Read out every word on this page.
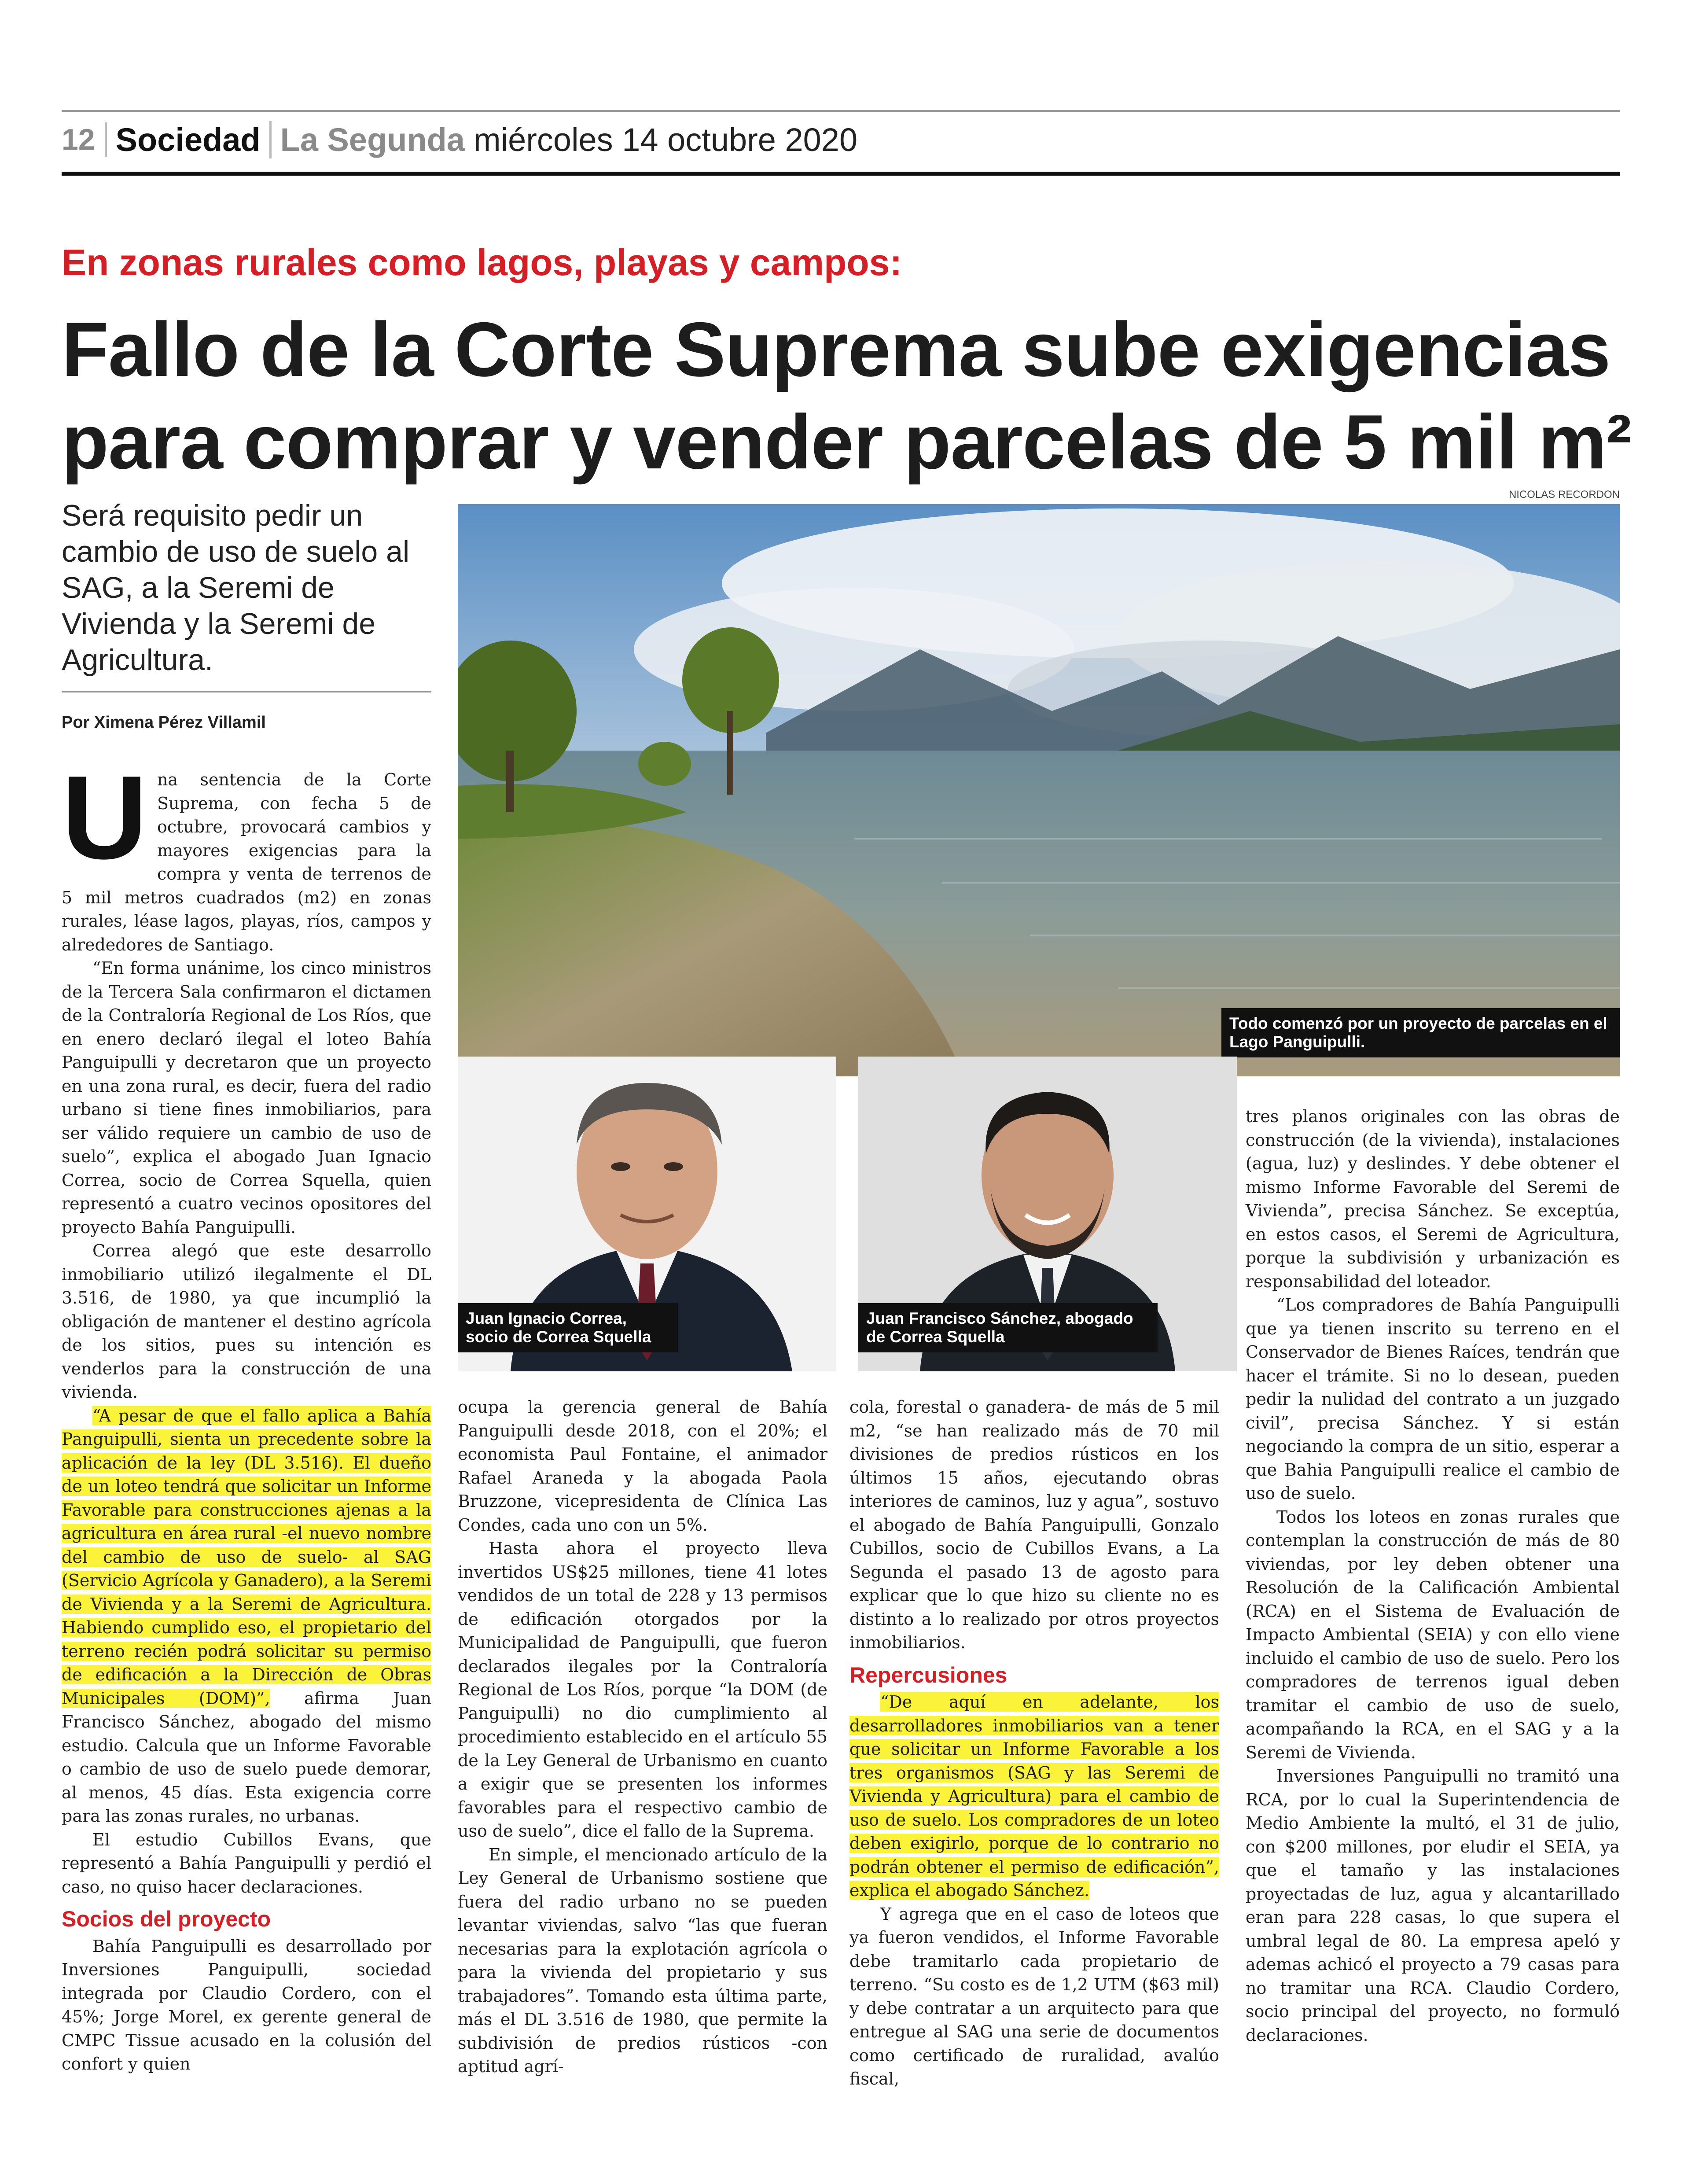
12 Sociedad La Segunda miércoles 14 octubre 2020
En zonas rurales como lagos, playas y campos:
Fallo de la Corte Suprema sube exigencias
para comprar y vender parcelas de 5 mil m²
NICOLAS RECORDON
Será requisito pedir un cambio de uso de suelo al SAG, a la Seremi de Vivienda y la Seremi de Agricultura.
Por Ximena Pérez Villamil
Todo comenzó por un proyecto de parcelas en el Lago Panguipulli.
Juan Ignacio Correa, socio de Correa Squella
Juan Francisco Sánchez, abogado de Correa Squella

Una sentencia de la Corte Suprema, con fecha 5 de octubre, provocará cambios y mayores exigencias para la compra y venta de terrenos de 5 mil metros cuadrados (m2) en zonas rurales, léase lagos, playas, ríos, campos y alrededores de Santiago.

“En forma unánime, los cinco ministros de la Tercera Sala confirmaron el dictamen de la Contraloría Regional de Los Ríos, que en enero declaró ilegal el loteo Bahía Panguipulli y decretaron que un proyecto en una zona rural, es decir, fuera del radio urbano si tiene fines inmobiliarios, para ser válido requiere un cambio de uso de suelo”, explica el abogado Juan Ignacio Correa, socio de Correa Squella, quien representó a cuatro vecinos opositores del proyecto Bahía Panguipulli.

Correa alegó que este desarrollo inmobiliario utilizó ilegalmente el DL 3.516, de 1980, ya que incumplió la obligación de mantener el destino agrícola de los sitios, pues su intención es venderlos para la construcción de una vivienda.

“A pesar de que el fallo aplica a Bahía Panguipulli, sienta un precedente sobre la aplicación de la ley (DL 3.516). El dueño de un loteo tendrá que solicitar un Informe Favorable para construcciones ajenas a la agricultura en área rural -el nuevo nombre del cambio de uso de suelo- al SAG (Servicio Agrícola y Ganadero), a la Seremi de Vivienda y a la Seremi de Agricultura. Habiendo cumplido eso, el propietario del terreno recién podrá solicitar su permiso de edificación a la Dirección de Obras Municipales (DOM)”, afirma Juan Francisco Sánchez, abogado del mismo estudio. Calcula que un Informe Favorable o cambio de uso de suelo puede demorar, al menos, 45 días. Esta exigencia corre para las zonas rurales, no urbanas.

El estudio Cubillos Evans, que representó a Bahía Panguipulli y perdió el caso, no quiso hacer declaraciones.

Socios del proyecto

Bahía Panguipulli es desarrollado por Inversiones Panguipulli, sociedad integrada por Claudio Cordero, con el 45%; Jorge Morel, ex gerente general de CMPC Tissue acusado en la colusión del confort y quien

ocupa la gerencia general de Bahía Panguipulli desde 2018, con el 20%; el economista Paul Fontaine, el animador Rafael Araneda y la abogada Paola Bruzzone, vicepresidenta de Clínica Las Condes, cada uno con un 5%.

Hasta ahora el proyecto lleva invertidos US$25 millones, tiene 41 lotes vendidos de un total de 228 y 13 permisos de edificación otorgados por la Municipalidad de Panguipulli, que fueron declarados ilegales por la Contraloría Regional de Los Ríos, porque “la DOM (de Panguipulli) no dio cumplimiento al procedimiento establecido en el artículo 55 de la Ley General de Urbanismo en cuanto a exigir que se presenten los informes favorables para el respectivo cambio de uso de suelo”, dice el fallo de la Suprema.

En simple, el mencionado artículo de la Ley General de Urbanismo sostiene que fuera del radio urbano no se pueden levantar viviendas, salvo “las que fueran necesarias para la explotación agrícola o para la vivienda del propietario y sus trabajadores”. Tomando esta última parte, más el DL 3.516 de 1980, que permite la subdivisión de predios rústicos -con aptitud agrí-

cola, forestal o ganadera- de más de 5 mil m2, “se han realizado más de 70 mil divisiones de predios rústicos en los últimos 15 años, ejecutando obras interiores de caminos, luz y agua”, sostuvo el abogado de Bahía Panguipulli, Gonzalo Cubillos, socio de Cubillos Evans, a La Segunda el pasado 13 de agosto para explicar que lo que hizo su cliente no es distinto a lo realizado por otros proyectos inmobiliarios.

Repercusiones

“De aquí en adelante, los desarrolladores inmobiliarios van a tener que solicitar un Informe Favorable a los tres organismos (SAG y las Seremi de Vivienda y Agricultura) para el cambio de uso de suelo. Los compradores de un loteo deben exigirlo, porque de lo contrario no podrán obtener el permiso de edificación”, explica el abogado Sánchez.

Y agrega que en el caso de loteos que ya fueron vendidos, el Informe Favorable debe tramitarlo cada propietario de terreno. “Su costo es de 1,2 UTM ($63 mil) y debe contratar a un arquitecto para que entregue al SAG una serie de documentos como certificado de ruralidad, avalúo fiscal,

tres planos originales con las obras de construcción (de la vivienda), instalaciones (agua, luz) y deslindes. Y debe obtener el mismo Informe Favorable del Seremi de Vivienda”, precisa Sánchez. Se exceptúa, en estos casos, el Seremi de Agricultura, porque la subdivisión y urbanización es responsabilidad del loteador.

“Los compradores de Bahía Panguipulli que ya tienen inscrito su terreno en el Conservador de Bienes Raíces, tendrán que hacer el trámite. Si no lo desean, pueden pedir la nulidad del contrato a un juzgado civil”, precisa Sánchez. Y si están negociando la compra de un sitio, esperar a que Bahia Panguipulli realice el cambio de uso de suelo.

Todos los loteos en zonas rurales que contemplan la construcción de más de 80 viviendas, por ley deben obtener una Resolución de la Calificación Ambiental (RCA) en el Sistema de Evaluación de Impacto Ambiental (SEIA) y con ello viene incluido el cambio de uso de suelo. Pero los compradores de terrenos igual deben tramitar el cambio de uso de suelo, acompañando la RCA, en el SAG y a la Seremi de Vivienda.

Inversiones Panguipulli no tramitó una RCA, por lo cual la Superintendencia de Medio Ambiente la multó, el 31 de julio, con $200 millones, por eludir el SEIA, ya que el tamaño y las instalaciones proyectadas de luz, agua y alcantarillado eran para 228 casas, lo que supera el umbral legal de 80. La empresa apeló y ademas achicó el proyecto a 79 casas para no tramitar una RCA. Claudio Cordero, socio principal del proyecto, no formuló declaraciones.
